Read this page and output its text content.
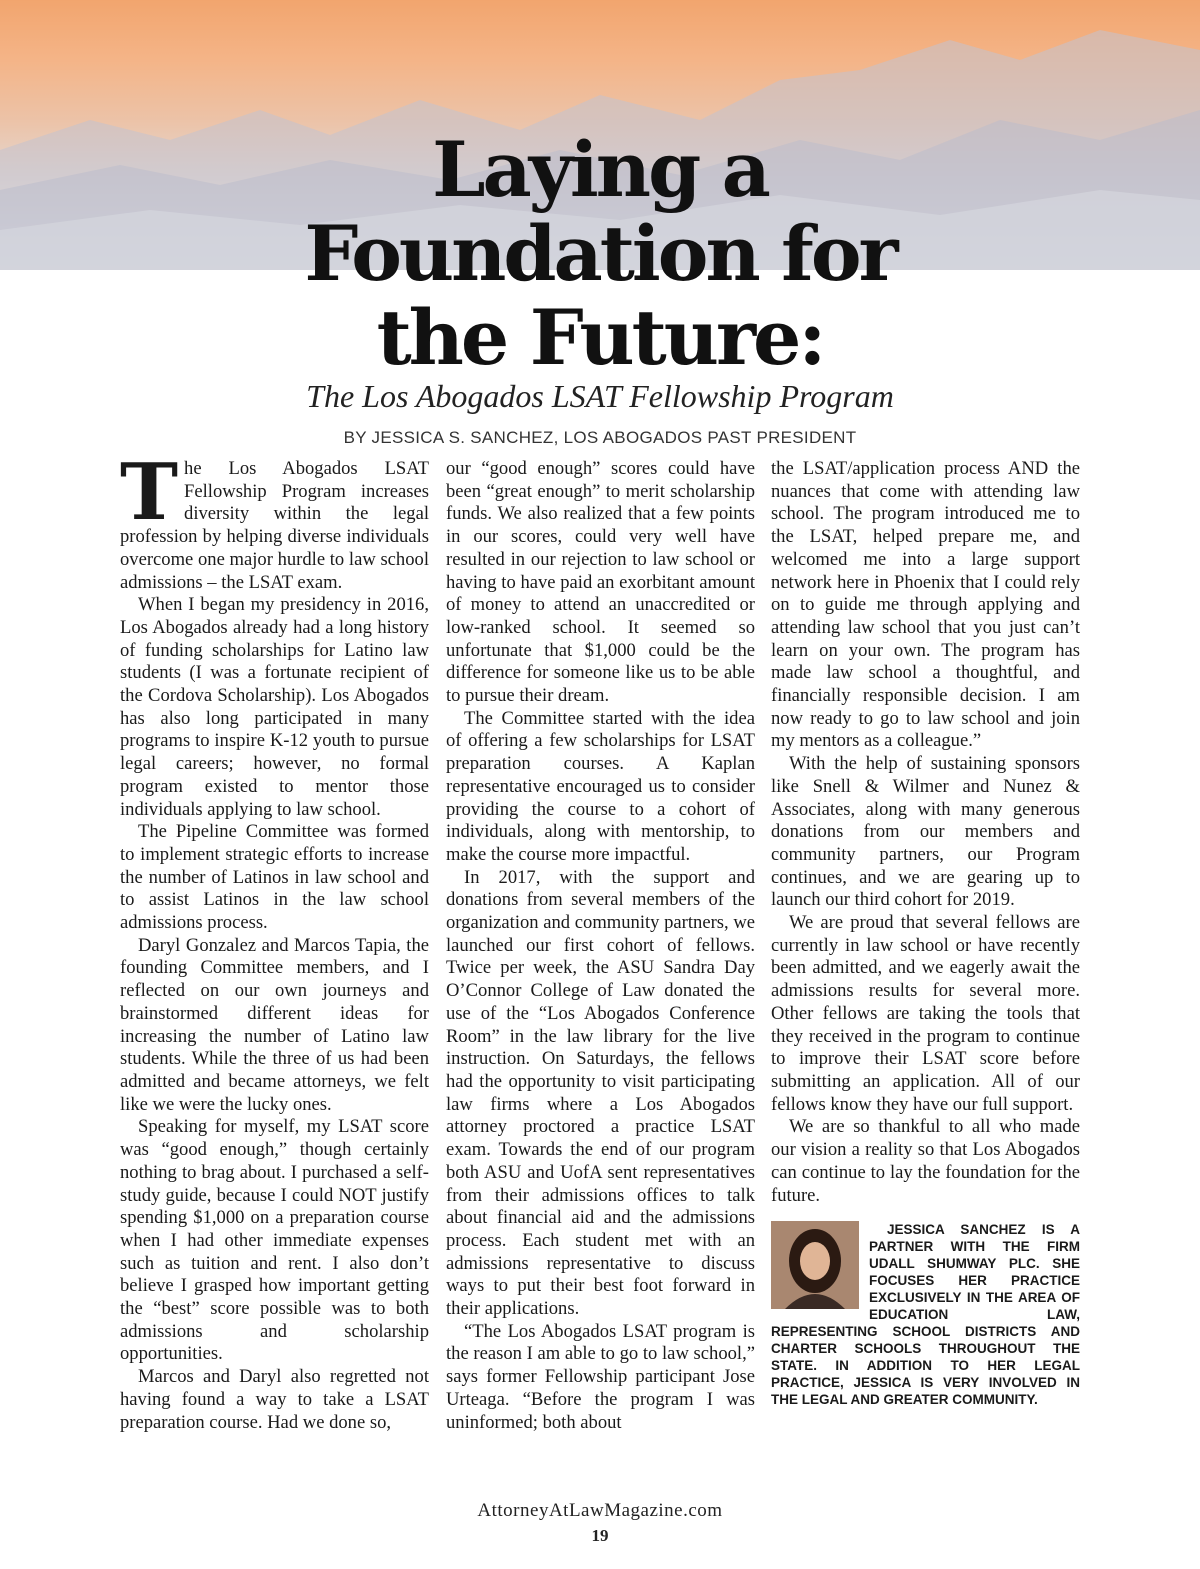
Laying a
Foundation for
the Future:
The Los Abogados LSAT Fellowship Program
BY JESSICA S. SANCHEZ, LOS ABOGADOS PAST PRESIDENT

The Los Abogados LSAT Fellowship Program increases diversity within the legal profession by helping diverse individuals overcome one major hurdle to law school admissions – the LSAT exam.

When I began my presidency in 2016, Los Abogados already had a long history of funding scholarships for Latino law students (I was a fortunate recipient of the Cordova Scholarship). Los Abogados has also long participated in many programs to inspire K-12 youth to pursue legal careers; however, no formal program existed to mentor those individuals applying to law school.

The Pipeline Committee was formed to implement strategic efforts to increase the number of Latinos in law school and to assist Latinos in the law school admissions process.

Daryl Gonzalez and Marcos Tapia, the founding Committee members, and I reflected on our own journeys and brainstormed different ideas for increasing the number of Latino law students. While the three of us had been admitted and became attorneys, we felt like we were the lucky ones.

Speaking for myself, my LSAT score was “good enough,” though certainly nothing to brag about. I purchased a self-study guide, because I could NOT justify spending $1,000 on a preparation course when I had other immediate expenses such as tuition and rent. I also don’t believe I grasped how important getting the “best” score possible was to both admissions and scholarship opportunities.

Marcos and Daryl also regretted not having found a way to take a LSAT preparation course. Had we done so,

our “good enough” scores could have been “great enough” to merit scholarship funds. We also realized that a few points in our scores, could very well have resulted in our rejection to law school or having to have paid an exorbitant amount of money to attend an unaccredited or low-ranked school. It seemed so unfortunate that $1,000 could be the difference for someone like us to be able to pursue their dream.

The Committee started with the idea of offering a few scholarships for LSAT preparation courses. A Kaplan representative encouraged us to consider providing the course to a cohort of individuals, along with mentorship, to make the course more impactful.

In 2017, with the support and donations from several members of the organization and community partners, we launched our first cohort of fellows. Twice per week, the ASU Sandra Day O’Connor College of Law donated the use of the “Los Abogados Conference Room” in the law library for the live instruction. On Saturdays, the fellows had the opportunity to visit participating law firms where a Los Abogados attorney proctored a practice LSAT exam. Towards the end of our program both ASU and UofA sent representatives from their admissions offices to talk about financial aid and the admissions process. Each student met with an admissions representative to discuss ways to put their best foot forward in their applications.

“The Los Abogados LSAT program is the reason I am able to go to law school,” says former Fellowship participant Jose Urteaga. “Before the program I was uninformed; both about

the LSAT/application process AND the nuances that come with attending law school. The program introduced me to the LSAT, helped prepare me, and welcomed me into a large support network here in Phoenix that I could rely on to guide me through applying and attending law school that you just can’t learn on your own. The program has made law school a thoughtful, and financially responsible decision. I am now ready to go to law school and join my mentors as a colleague.”

With the help of sustaining sponsors like Snell & Wilmer and Nunez & Associates, along with many generous donations from our members and community partners, our Program continues, and we are gearing up to launch our third cohort for 2019.

We are proud that several fellows are currently in law school or have recently been admitted, and we eagerly await the admissions results for several more. Other fellows are taking the tools that they received in the program to continue to improve their LSAT score before submitting an application. All of our fellows know they have our full support.

We are so thankful to all who made our vision a reality so that Los Abogados can continue to lay the foundation for the future.

JESSICA SANCHEZ IS A PARTNER WITH THE FIRM UDALL SHUMWAY PLC. SHE FOCUSES HER PRACTICE EXCLUSIVELY IN THE AREA OF EDUCATION LAW, REPRESENTING SCHOOL DISTRICTS AND CHARTER SCHOOLS THROUGHOUT THE STATE. IN ADDITION TO HER LEGAL PRACTICE, JESSICA IS VERY INVOLVED IN THE LEGAL AND GREATER COMMUNITY.

AttorneyAtLawMagazine.com
19
